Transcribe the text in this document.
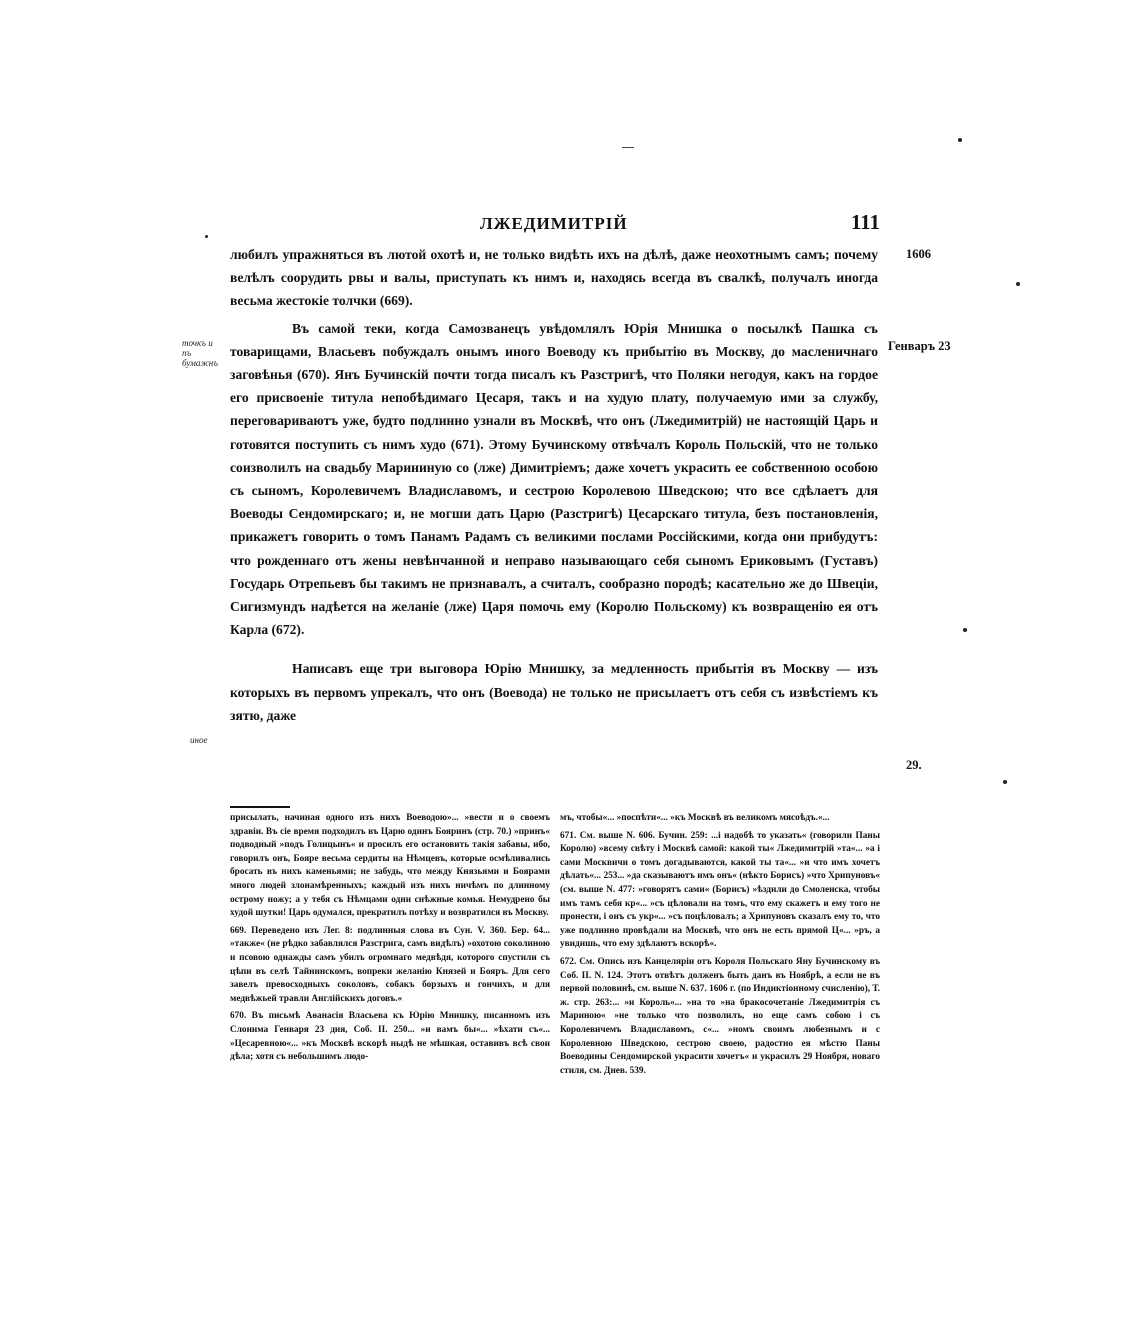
ЛЖЕДИМИТРІЙ	111
1606
Генваръ 23
точкъ и пъ бумажнъ
29.
иное

любилъ упражняться въ лютой охотѣ и, не только видѣть ихъ на дѣлѣ, даже неохотнымъ самъ; почему велѣлъ соорудить рвы и валы, приступать къ нимъ и, находясь всегда въ свалкѣ, получалъ иногда весьма жестокіе толчки (669).

Въ самой теки, когда Самозванецъ увѣдомлялъ Юрія Мнишка о посылкѣ Пашка съ товарищами, Власьевъ побуждалъ онымъ иного Воеводу къ прибытію въ Москву, до масленичнаго заговѣнья (670). Янъ Бучинскій почти тогда писалъ къ Разстригѣ, что Поляки негодуя, какъ на гордое его присвоеніе титула непобѣдимаго Цесаря, такъ и на худую плату, получаемую ими за службу, переговариваютъ уже, будто подлинно узнали въ Москвѣ, что онъ (Лжедимитрій) не настоящій Царь и готовятся поступить съ нимъ худо (671). Этому Бучинскому отвѣчалъ Король Польскій, что не только соизволилъ на свадьбу Марининую со (лже) Димитріемъ; даже хочетъ украсить ее собственною особою съ сыномъ, Королевичемъ Владиславомъ, и сестрою Королевою Шведскою; что все сдѣлаетъ для Воеводы Сендомирскаго; и, не могши дать Царю (Разстригѣ) Цесарскаго титула, безъ постановленія, прикажетъ говорить о томъ Панамъ Радамъ съ великими послами Россійскими, когда они прибудутъ: что рожденнаго отъ жены невѣнчанной и неправо называющаго себя сыномъ Ериковымъ (Густавъ) Государь Отрепьевъ бы такимъ не признавалъ, а считалъ, сообразно породѣ; касательно же до Швеціи, Сигизмундъ надѣется на желаніе (лже) Царя помочь ему (Королю Польскому) къ возвращенію ея отъ Карла (672).

Написавъ еще три выговора Юрію Мнишку, за медленность прибытія въ Москву — изъ которыхъ въ первомъ упрекалъ, что онъ (Воевода) не только не присылаетъ отъ себя съ извѣстіемъ къ зятю, даже

присылать, начиная одного изъ нихъ Воеводою»... »вести и о своемъ здравіи. Въ сіе время подходилъ въ Царю одинъ Бояринъ (стр. 70.) »принъ« подводный »подъ Голицынъ« и просилъ его остановить такія забавы, ибо, говорилъ онъ, Бояре весьма сердиты на Нѣмцевъ, которые осмѣливались бросать въ нихъ каменьями; не забудь, что между Князьями и Боярами много людей злонамѣренныхъ; каждый изъ нихъ ничѣмъ по длинному острому ножу; а у тебя съ Нѣмцами одни снѣжные комья. Немудрено бы худой шутки! Царь одумался, прекратилъ потѣху и возвратился въ Москву.

669. Переведено изъ Лег. 8: подлинныя слова въ Сун. V. 360. Бер. 64... »также« (не рѣдко забавлялся Разстрига, самъ видѣлъ) »охотою соколиною и псовою однажды самъ убилъ огромнаго медвѣдя, которого спустили съ цѣпи въ селѣ Тайнинскомъ, вопреки желанію Князей и Бояръ. Для сего завелъ превосходныхъ соколовъ, собакъ борзыхъ и гончихъ, и для медвѣжьей травли Англійскихъ договъ.«

670. Въ письмѣ Аѳанасія Власьева къ Юрію Мнишку, писанномъ изъ Слонима Генваря 23 дня, Соб. II. 250... »и вамъ бы«... »ѣхати съ«... »Цесаревною«... »къ Москвѣ вскорѣ ныдѣ не мѣшкая, оставивъ всѣ свои дѣла; хотя съ небольшимъ людо-

мъ, чтобы«... »поспѣти«... »къ Москвѣ въ великомъ мясоѣдъ.«...

671. См. выше N. 606. Бучин. 259: ...і надобѣ то указать« (говорили Паны Королю) »всему свѣту і Москвѣ самой: какой ты« Лжедимитрій »та«... »а і сами Москвичи о томъ догадываются, какой ты та«... »и что имъ хочетъ дѣлать«... 253... »да сказываютъ имъ онъ« (нѣкто Борисъ) »что Хрипуновъ« (см. выше N. 477: »говорятъ сами« (Борисъ) »ѣздили до Смоленска, чтобы имъ тамъ себя кр«... »съ цѣловали на томъ, что ему скажетъ и ему того не пронести, і онъ съ укр«... »съ поцѣловалъ; а Хрипуновъ сказалъ ему то, что уже подлинно провѣдали на Москвѣ, что онъ не есть прямой Ц«... »ръ, а увидишь, что ему здѣлаютъ вскорѣ«.

672. См. Опись изъ Канцеляріи отъ Короля Польскаго Яну Бучинскому въ Соб. II. N. 124. Этотъ отвѣтъ долженъ быть данъ въ Ноябрѣ, а если не въ первой половинѣ, см. выше N. 637. 1606 г. (по Индиктіонному счисленію), Т. ж. стр. 263:... »и Король«... »на то »на бракосочетаніе Лжедимитрія съ Мариною« »не только что позволилъ, но еще самъ собою і съ Королевичемъ Владиславомъ, с«... »номъ своимъ любезнымъ и с Королевною Шведскою, сестрою своею, радостно ея мѣстю Паны Воеводины Сендомирской украсити хочетъ« и украсилъ 29 Ноября, новаго стиля, см. Днев. 539.
